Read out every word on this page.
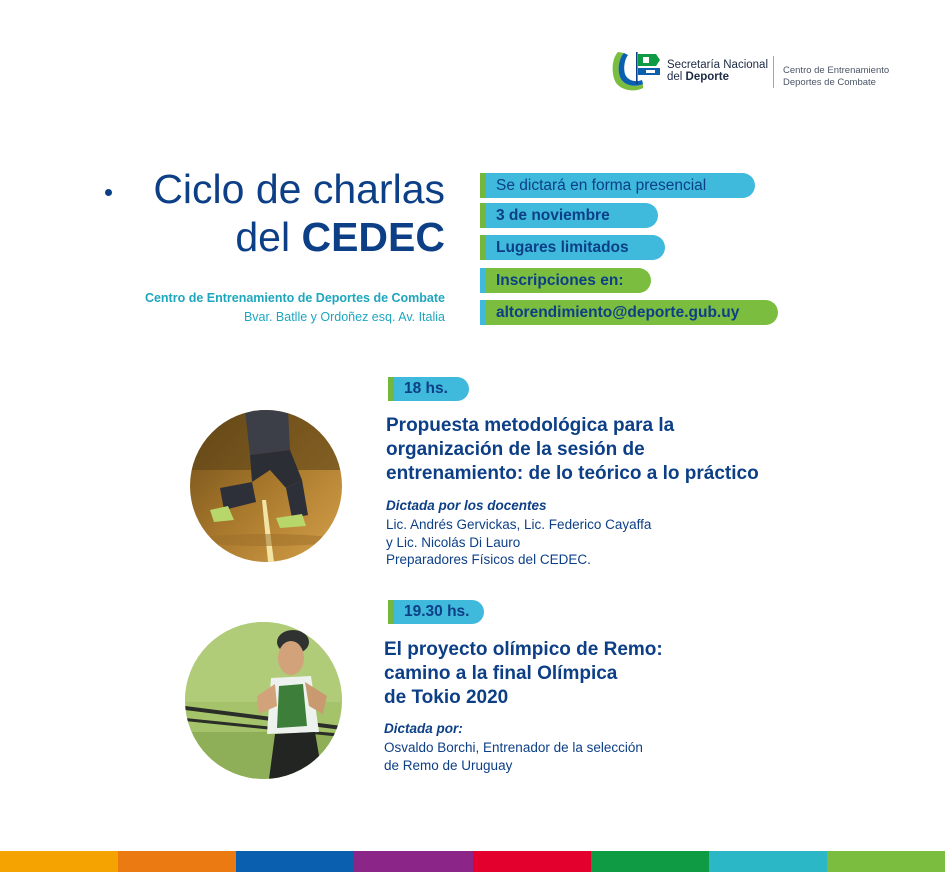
Secretaría Nacional
del Deporte
Centro de Entrenamiento
Deportes de Combate
Ciclo de charlas
del CEDEC
Centro de Entrenamiento de Deportes de Combate
Bvar. Batlle y Ordoñez esq. Av. Italia
Se dictará en forma presencial
3 de noviembre
Lugares limitados
Inscripciones en:
altorendimiento@deporte.gub.uy
18 hs.
Propuesta metodológica para la
organización de la sesión de
entrenamiento: de lo teórico a lo práctico
Dictada por los docentes
Lic. Andrés Gervickas, Lic. Federico Cayaffa
y Lic. Nicolás Di Lauro
Preparadores Físicos del CEDEC.
19.30 hs.
El proyecto olímpico de Remo:
camino a la final Olímpica
de Tokio 2020
Dictada por:
Osvaldo Borchi, Entrenador de la selección
de Remo de Uruguay
